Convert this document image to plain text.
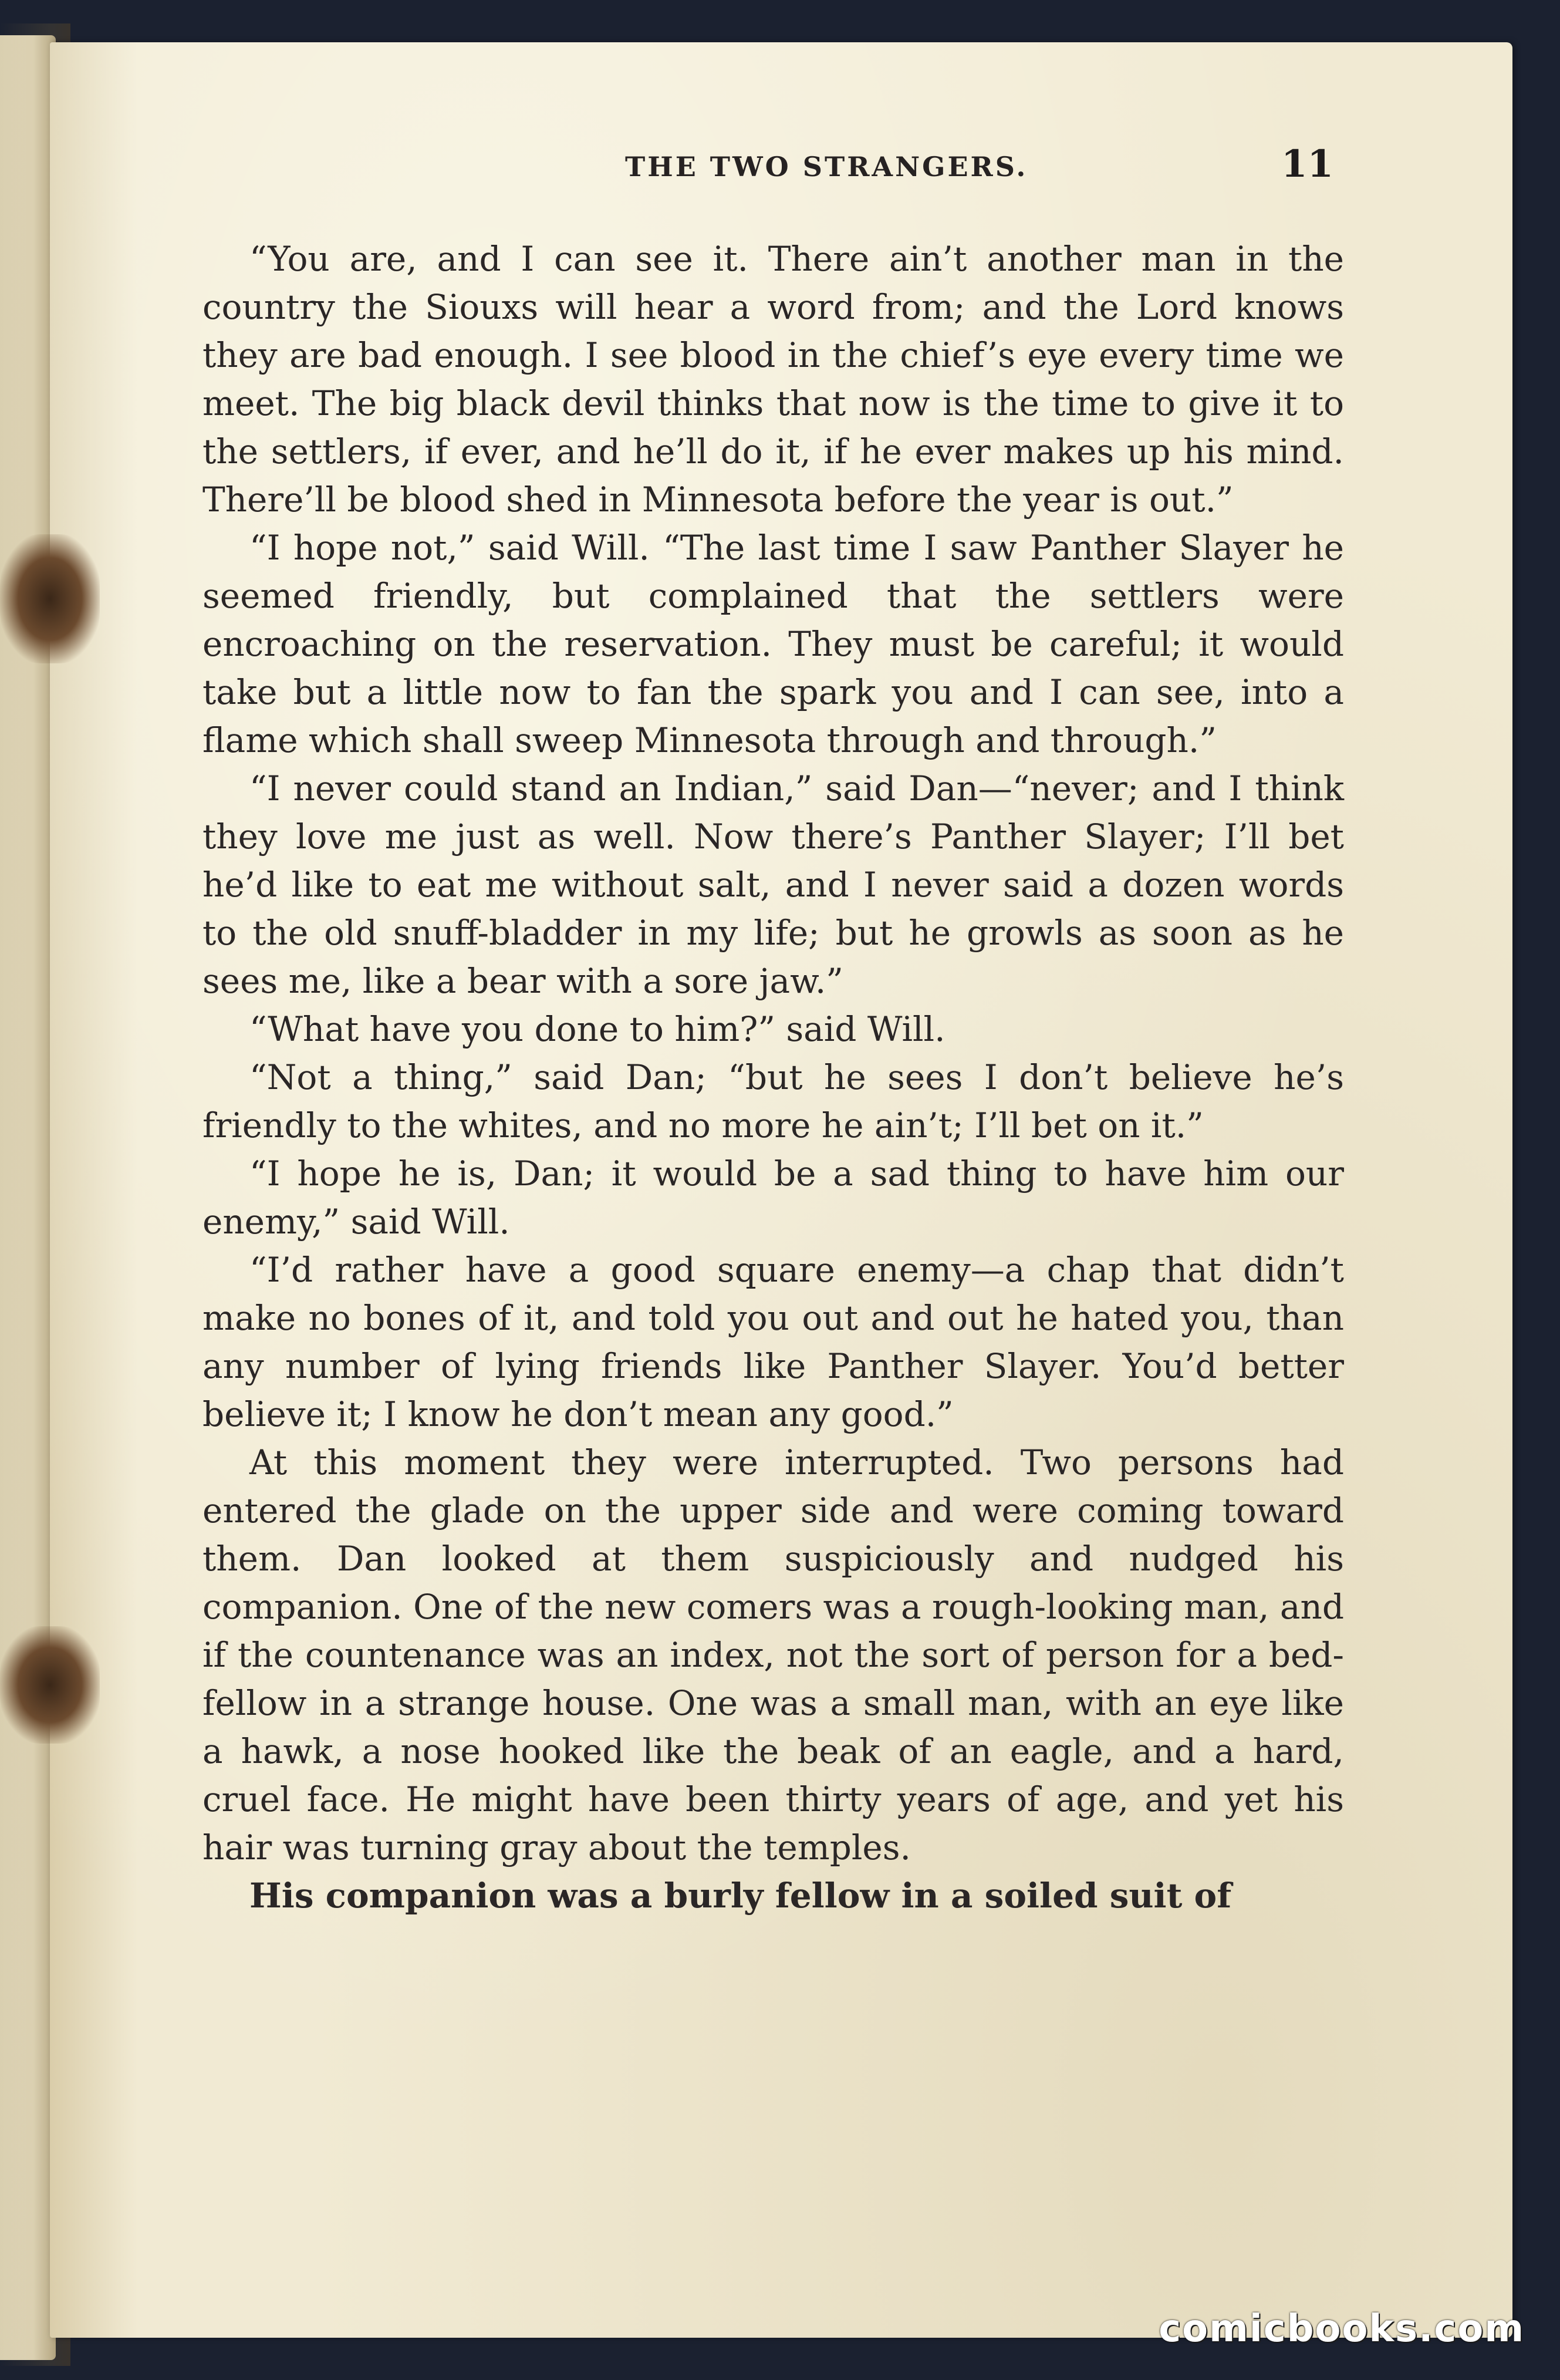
THE TWO STRANGERS.	11

“You are, and I can see it. There ain’t another man in the country the Siouxs will hear a word from; and the Lord knows they are bad enough. I see blood in the chief’s eye every time we meet. The big black devil thinks that now is the time to give it to the settlers, if ever, and he’ll do it, if he ever makes up his mind. There’ll be blood shed in Minnesota before the year is out.”

“I hope not,” said Will. “The last time I saw Panther Slayer he seemed friendly, but complained that the settlers were encroaching on the reservation. They must be careful; it would take but a little now to fan the spark you and I can see, into a flame which shall sweep Minnesota through and through.”

“I never could stand an Indian,” said Dan—“never; and I think they love me just as well. Now there’s Panther Slayer; I’ll bet he’d like to eat me without salt, and I never said a dozen words to the old snuff-bladder in my life; but he growls as soon as he sees me, like a bear with a sore jaw.”

“What have you done to him?” said Will.

“Not a thing,” said Dan; “but he sees I don’t believe he’s friendly to the whites, and no more he ain’t; I’ll bet on it.”

“I hope he is, Dan; it would be a sad thing to have him our enemy,” said Will.

“I’d rather have a good square enemy—a chap that didn’t make no bones of it, and told you out and out he hated you, than any number of lying friends like Panther Slayer. You’d better believe it; I know he don’t mean any good.”

At this moment they were interrupted. Two persons had entered the glade on the upper side and were coming toward them. Dan looked at them suspiciously and nudged his companion. One of the new comers was a rough-looking man, and if the countenance was an index, not the sort of person for a bed-fellow in a strange house. One was a small man, with an eye like a hawk, a nose hooked like the beak of an eagle, and a hard, cruel face. He might have been thirty years of age, and yet his hair was turning gray about the temples.

His companion was a burly fellow in a soiled suit of

comicbooks.com
